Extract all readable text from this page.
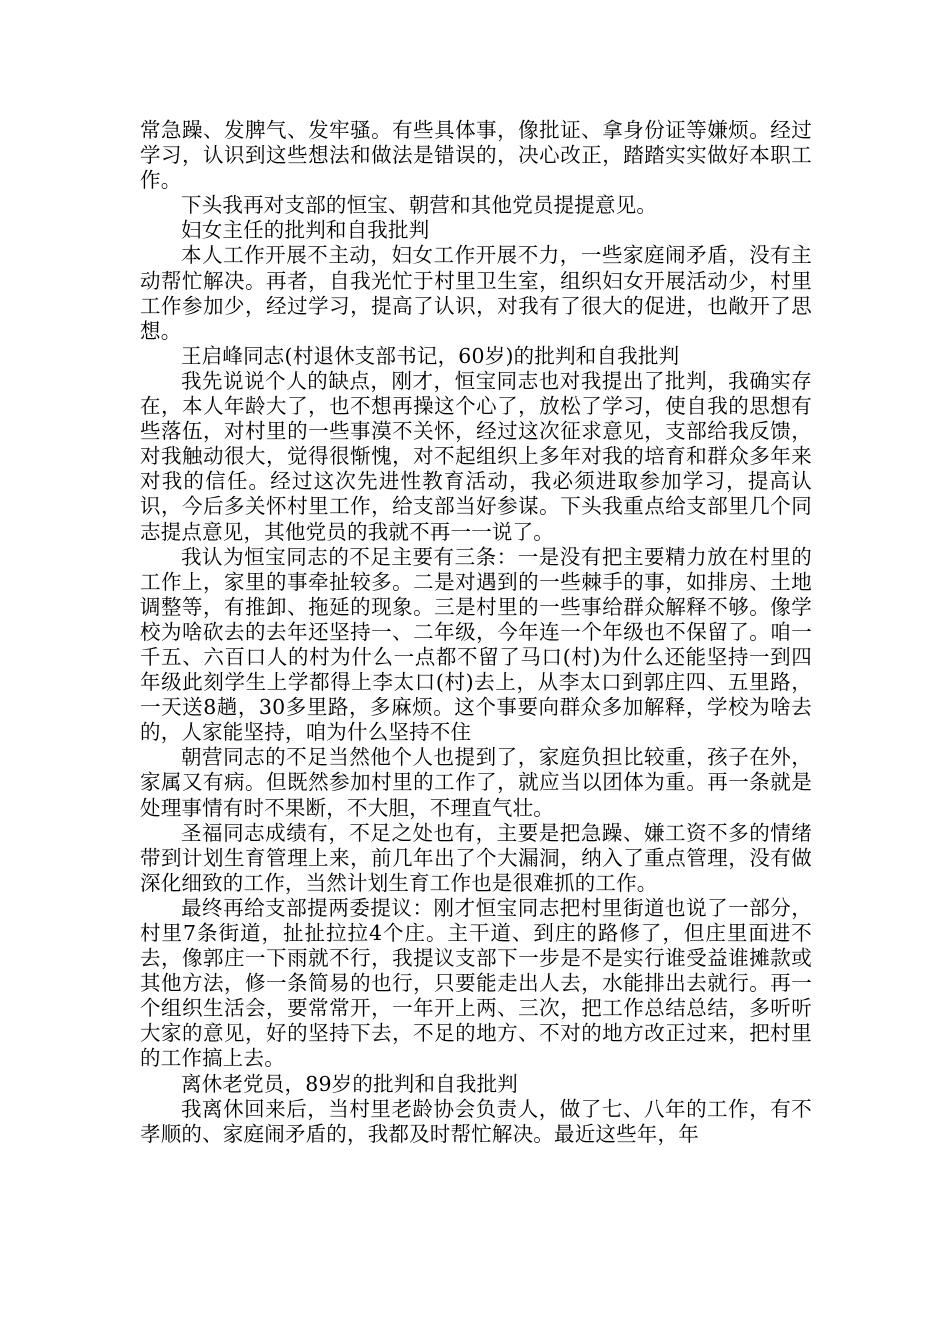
常急躁、发脾气、发牢骚。有些具体事，像批证、拿身份证等嫌烦。经过学习，认识到这些想法和做法是错误的，决心改正，踏踏实实做好本职工作。

下头我再对支部的恒宝、朝营和其他党员提提意见。

妇女主任的批判和自我批判

本人工作开展不主动，妇女工作开展不力，一些家庭闹矛盾，没有主动帮忙解决。再者，自我光忙于村里卫生室，组织妇女开展活动少，村里工作参加少，经过学习，提高了认识，对我有了很大的促进，也敞开了思想。

王启峰同志(村退休支部书记，60岁)的批判和自我批判

我先说说个人的缺点，刚才，恒宝同志也对我提出了批判，我确实存在，本人年龄大了，也不想再操这个心了，放松了学习，使自我的思想有些落伍，对村里的一些事漠不关怀，经过这次征求意见，支部给我反馈，对我触动很大，觉得很惭愧，对不起组织上多年对我的培育和群众多年来对我的信任。经过这次先进性教育活动，我必须进取参加学习，提高认识，今后多关怀村里工作，给支部当好参谋。下头我重点给支部里几个同志提点意见，其他党员的我就不再一一说了。

我认为恒宝同志的不足主要有三条：一是没有把主要精力放在村里的工作上，家里的事牵扯较多。二是对遇到的一些棘手的事，如排房、土地调整等，有推卸、拖延的现象。三是村里的一些事给群众解释不够。像学校为啥砍去的去年还坚持一、二年级，今年连一个年级也不保留了。咱一千五、六百口人的村为什么一点都不留了马口(村)为什么还能坚持一到四年级此刻学生上学都得上李太口(村)去上，从李太口到郭庄四、五里路，一天送8趟，30多里路，多麻烦。这个事要向群众多加解释，学校为啥去的，人家能坚持，咱为什么坚持不住

朝营同志的不足当然他个人也提到了，家庭负担比较重，孩子在外，家属又有病。但既然参加村里的工作了，就应当以团体为重。再一条就是处理事情有时不果断，不大胆，不理直气壮。

圣福同志成绩有，不足之处也有，主要是把急躁、嫌工资不多的情绪带到计划生育管理上来，前几年出了个大漏洞，纳入了重点管理，没有做深化细致的工作，当然计划生育工作也是很难抓的工作。

最终再给支部提两委提议：刚才恒宝同志把村里街道也说了一部分，村里7条街道，扯扯拉拉4个庄。主干道、到庄的路修了，但庄里面进不去，像郭庄一下雨就不行，我提议支部下一步是不是实行谁受益谁摊款或其他方法，修一条简易的也行，只要能走出人去，水能排出去就行。再一个组织生活会，要常常开，一年开上两、三次，把工作总结总结，多听听大家的意见，好的坚持下去，不足的地方、不对的地方改正过来，把村里的工作搞上去。

离休老党员，89岁的批判和自我批判

我离休回来后，当村里老龄协会负责人，做了七、八年的工作，有不孝顺的、家庭闹矛盾的，我都及时帮忙解决。最近这些年，年
